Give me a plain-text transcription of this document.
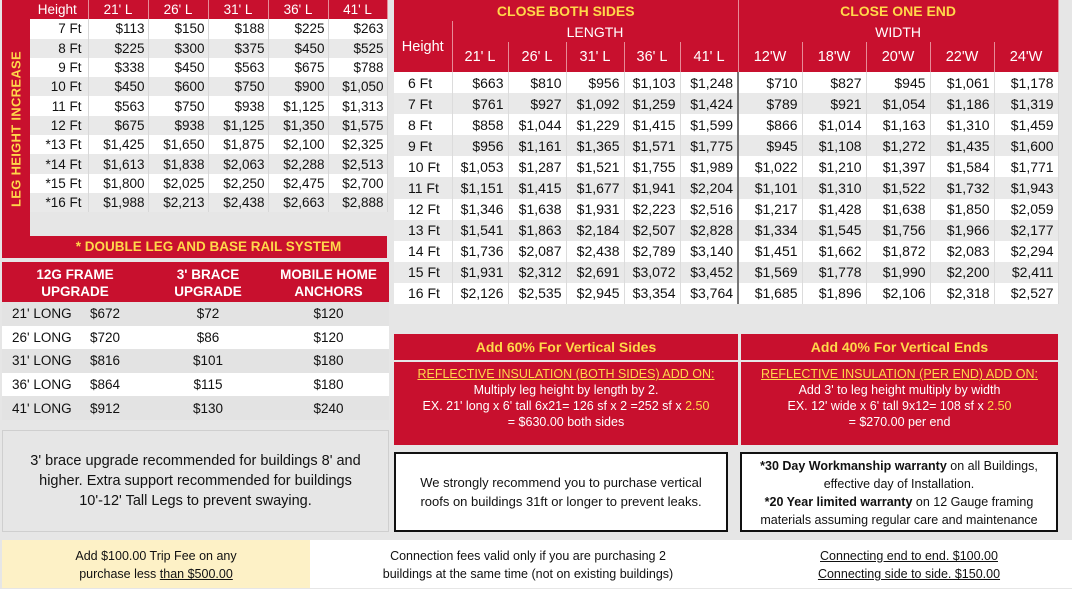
LEG HEIGHT INCREASE
Height	21' L	26' L	31' L	36' L	41' L
7 Ft	$113	$150	$188	$225	$263
8 Ft	$225	$300	$375	$450	$525
9 Ft	$338	$450	$563	$675	$788
10 Ft	$450	$600	$750	$900	$1,050
11 Ft	$563	$750	$938	$1,125	$1,313
12 Ft	$675	$938	$1,125	$1,350	$1,575
*13 Ft	$1,425	$1,650	$1,875	$2,100	$2,325
*14 Ft	$1,613	$1,838	$2,063	$2,288	$2,513
*15 Ft	$1,800	$2,025	$2,250	$2,475	$2,700
*16 Ft	$1,988	$2,213	$2,438	$2,663	$2,888
* DOUBLE LEG AND BASE RAIL SYSTEM
12G FRAME UPGRADE		3' BRACE UPGRADE	MOBILE HOME ANCHORS
21' LONG	$672	$72	$120
26' LONG	$720	$86	$120
31' LONG	$816	$101	$180
36' LONG	$864	$115	$180
41' LONG	$912	$130	$240
3' brace upgrade recommended for buildings 8' and higher. Extra support recommended for buildings 10'-12' Tall Legs to prevent swaying.
CLOSE BOTH SIDES						CLOSE ONE END				
Height	LENGTH					WIDTH				
	21' L	26' L	31' L	36' L	41' L	12'W	18'W	20'W	22'W	24'W
6 Ft	$663	$810	$956	$1,103	$1,248	$710	$827	$945	$1,061	$1,178
7 Ft	$761	$927	$1,092	$1,259	$1,424	$789	$921	$1,054	$1,186	$1,319
8 Ft	$858	$1,044	$1,229	$1,415	$1,599	$866	$1,014	$1,163	$1,310	$1,459
9 Ft	$956	$1,161	$1,365	$1,571	$1,775	$945	$1,108	$1,272	$1,435	$1,600
10 Ft	$1,053	$1,287	$1,521	$1,755	$1,989	$1,022	$1,210	$1,397	$1,584	$1,771
11 Ft	$1,151	$1,415	$1,677	$1,941	$2,204	$1,101	$1,310	$1,522	$1,732	$1,943
12 Ft	$1,346	$1,638	$1,931	$2,223	$2,516	$1,217	$1,428	$1,638	$1,850	$2,059
13 Ft	$1,541	$1,863	$2,184	$2,507	$2,828	$1,334	$1,545	$1,756	$1,966	$2,177
14 Ft	$1,736	$2,087	$2,438	$2,789	$3,140	$1,451	$1,662	$1,872	$2,083	$2,294
15 Ft	$1,931	$2,312	$2,691	$3,072	$3,452	$1,569	$1,778	$1,990	$2,200	$2,411
16 Ft	$2,126	$2,535	$2,945	$3,354	$3,764	$1,685	$1,896	$2,106	$2,318	$2,527
Add 60% For Vertical Sides	Add 40% For Vertical Ends
REFLECTIVE INSULATION (BOTH SIDES) ADD ON:
Multiply leg height by length by 2.
EX. 21' long x 6' tall 6x21= 126 sf x 2 =252 sf x 2.50
= $630.00 both sides
REFLECTIVE INSULATION (PER END) ADD ON:
Add 3' to leg height multiply by width
EX. 12' wide x 6' tall 9x12= 108 sf x 2.50
= $270.00 per end
We strongly recommend you to purchase vertical roofs on buildings 31ft or longer to prevent leaks.
*30 Day Workmanship warranty on all Buildings, effective day of Installation.
*20 Year limited warranty on 12 Gauge framing materials assuming regular care and maintenance
Add $100.00 Trip Fee on any
purchase less than $500.00
Connection fees valid only if you are purchasing 2
buildings at the same time (not on existing buildings)
Connecting end to end. $100.00
Connecting side to side. $150.00
